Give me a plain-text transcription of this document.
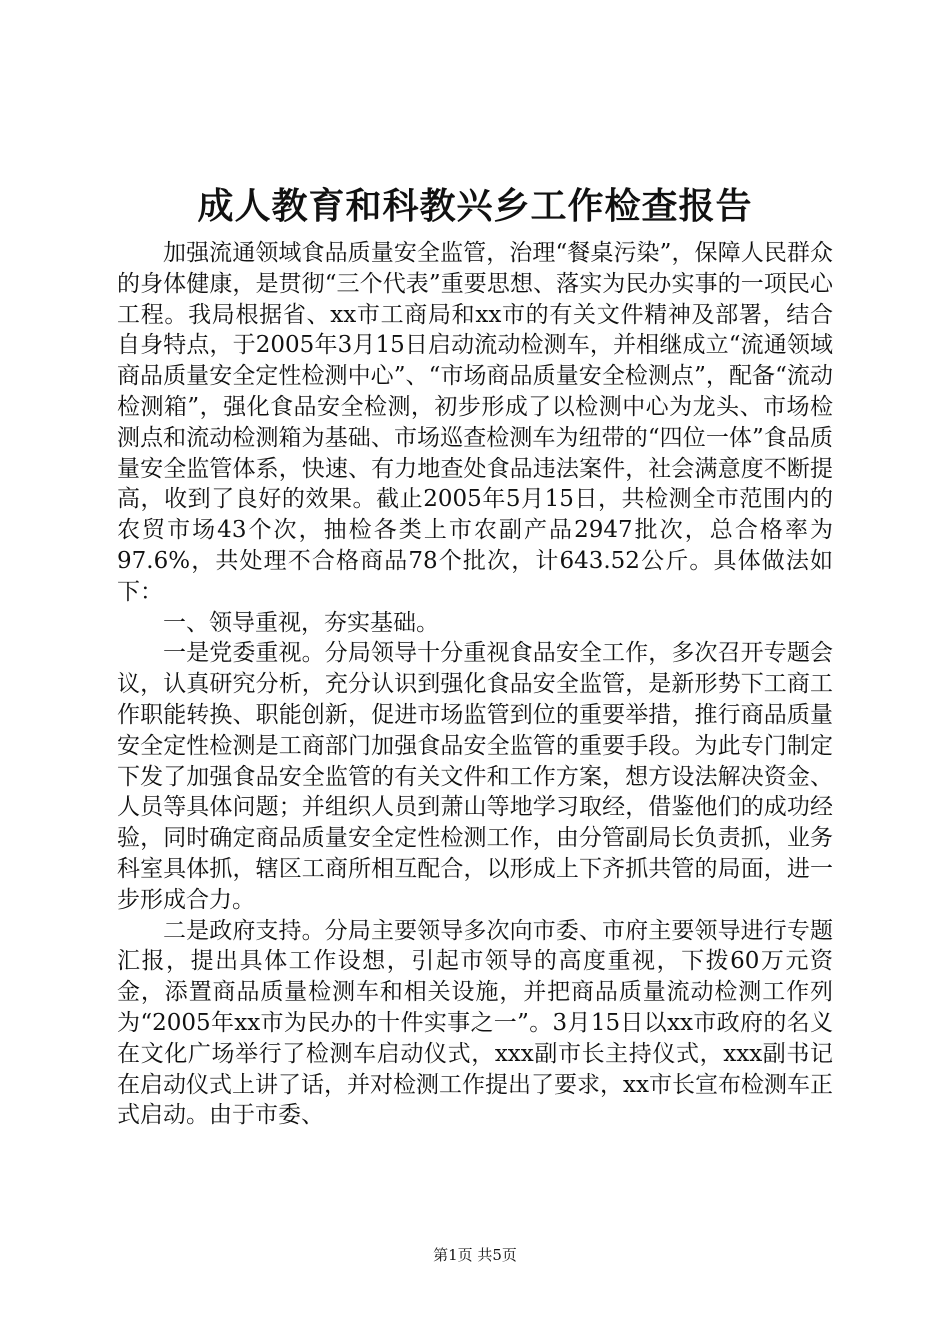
成人教育和科教兴乡工作检查报告

加强流通领域食品质量安全监管，治理“餐桌污染”，保障人民群众的身体健康，是贯彻“三个代表”重要思想、落实为民办实事的一项民心工程。我局根据省、xx市工商局和xx市的有关文件精神及部署，结合自身特点，于2005年3月15日启动流动检测车，并相继成立“流通领域商品质量安全定性检测中心”、“市场商品质量安全检测点”，配备“流动检测箱”，强化食品安全检测，初步形成了以检测中心为龙头、市场检测点和流动检测箱为基础、市场巡查检测车为纽带的“四位一体”食品质量安全监管体系，快速、有力地查处食品违法案件，社会满意度不断提高，收到了良好的效果。截止2005年5月15日，共检测全市范围内的农贸市场43个次，抽检各类上市农副产品2947批次，总合格率为97.6%，共处理不合格商品78个批次，计643.52公斤。具体做法如下：

一、领导重视，夯实基础。

一是党委重视。分局领导十分重视食品安全工作，多次召开专题会议，认真研究分析，充分认识到强化食品安全监管，是新形势下工商工作职能转换、职能创新，促进市场监管到位的重要举措，推行商品质量安全定性检测是工商部门加强食品安全监管的重要手段。为此专门制定下发了加强食品安全监管的有关文件和工作方案，想方设法解决资金、人员等具体问题；并组织人员到萧山等地学习取经，借鉴他们的成功经验，同时确定商品质量安全定性检测工作，由分管副局长负责抓，业务科室具体抓，辖区工商所相互配合，以形成上下齐抓共管的局面，进一步形成合力。

二是政府支持。分局主要领导多次向市委、市府主要领导进行专题汇报，提出具体工作设想，引起市领导的高度重视，下拨60万元资金，添置商品质量检测车和相关设施，并把商品质量流动检测工作列为“2005年xx市为民办的十件实事之一”。3月15日以xx市政府的名义在文化广场举行了检测车启动仪式，xxx副市长主持仪式，xxx副书记在启动仪式上讲了话，并对检测工作提出了要求，xx市长宣布检测车正式启动。由于市委、

第1页 共5页
